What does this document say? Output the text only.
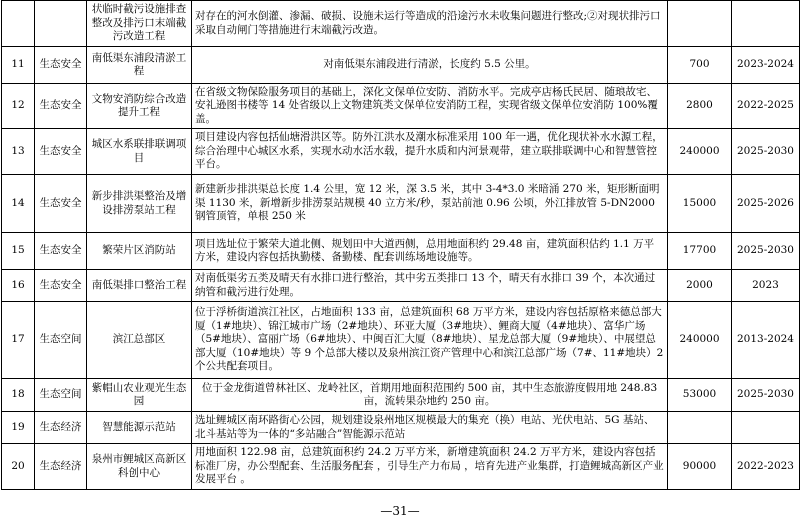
		状临时截污设施排查整改及排污口末端截污改造工程	对存在的河水倒灌、渗漏、破损、设施未运行等造成的沿途污水未收集问题进行整改;②对现状排污口采取自动闸门等措施进行末端截污改造。		
11	生态安全	南低渠东浦段清淤工程	对南低渠东浦段进行清淤，长度约 5.5 公里。	700	2023-2024
12	生态安全	文物安消防综合改造提升工程	在省级文物保险服务项目的基础上，深化文保单位安防、消防水平。完成亭店杨氏民居、随琅故宅、安礼逊图书楼等 14 处省级以上文物建筑类文保单位安消防工程，实现省级文保单位安消防 100%覆盖。	2800	2022-2025
13	生态安全	城区水系联排联调项目	项目建设内容包括仙塘滑洪区等。防外江洪水及潮水标准采用 100 年一遇，优化现状补水水源工程，综合治理中心城区水系，实现水动水活水载，提升水质和内河景观带，建立联排联调中心和智慧管控平台。	240000	2025-2030
14	生态安全	新步排洪渠整治及增设排涝泵站工程	新建新步排洪渠总长度 1.4 公里，宽 12 米，深 3.5 米，其中 3-4*3.0 米暗涌 270 米，矩形断面明渠 1130 米，新增新步排涝泵站规模 40 立方米/秒，泵站前池 0.96 公顷，外江排放管 5-DN2000 钢管顶管，单根 250 米	15000	2025-2026
15	生态安全	繁荣片区消防站	项目选址位于繁荣大道北侧、规划田中大道西侧，总用地面积约 29.48 亩，建筑面积估约 1.1 万平方米，建设内容包括执勤楼、备勤楼、配套训练场地设施等。	17700	2025-2030
16	生态安全	南低渠排口整治工程	对南低渠劣五类及晴天有水排口进行整治，其中劣五类排口 13 个，晴天有水排口 39 个，本次通过纳管和截污进行处理。	2000	2023
17	生态空间	滨江总部区	位于浮桥街道滨江社区，占地面积 133 亩，总建筑面积 68 万平方米，建设内容包括原格来德总部大厦（1#地块）、锦江城市广场（2#地块）、环亚大厦（3#地块）、鲤商大厦（4#地块）、富华广场（5#地块）、富丽广场（6#地块）、中闽百汇大厦（8#地块）、星龙总部大厦（9#地块）、中展望总部大厦（10#地块）等 9 个总部大楼以及泉州滨江资产管理中心和滨江总部广场（7#、11#地块）2 个公共配套项目。	240000	2013-2024
18	生态空间	紫帽山农业观光生态园	位于金龙街道曾林社区、龙岭社区，首期用地面积范围约 500 亩，其中生态旅游度假用地 248.83 亩，流转果杂地约 250 亩。	53000	2025-2030
19	生态经济	智慧能源示范站	选址鲤城区南环路街心公园，规划建设泉州地区规模最大的集充（换）电站、光伏电站、5G 基站、北斗基站等为一体的“多站融合”智能源示范站		
20	生态经济	泉州市鲤城区高新区科创中心	用地面积 122.98 亩，总建筑面积约 24.2 万平方米，新增建筑面积 24.2 万平方米，建设内容包括标准厂房，办公型配套、生活服务配套 ，引导生产力布局 ，培育先进产业集群，打造鲤城高新区产业发展平台 。	90000	2022-2023
—31—
